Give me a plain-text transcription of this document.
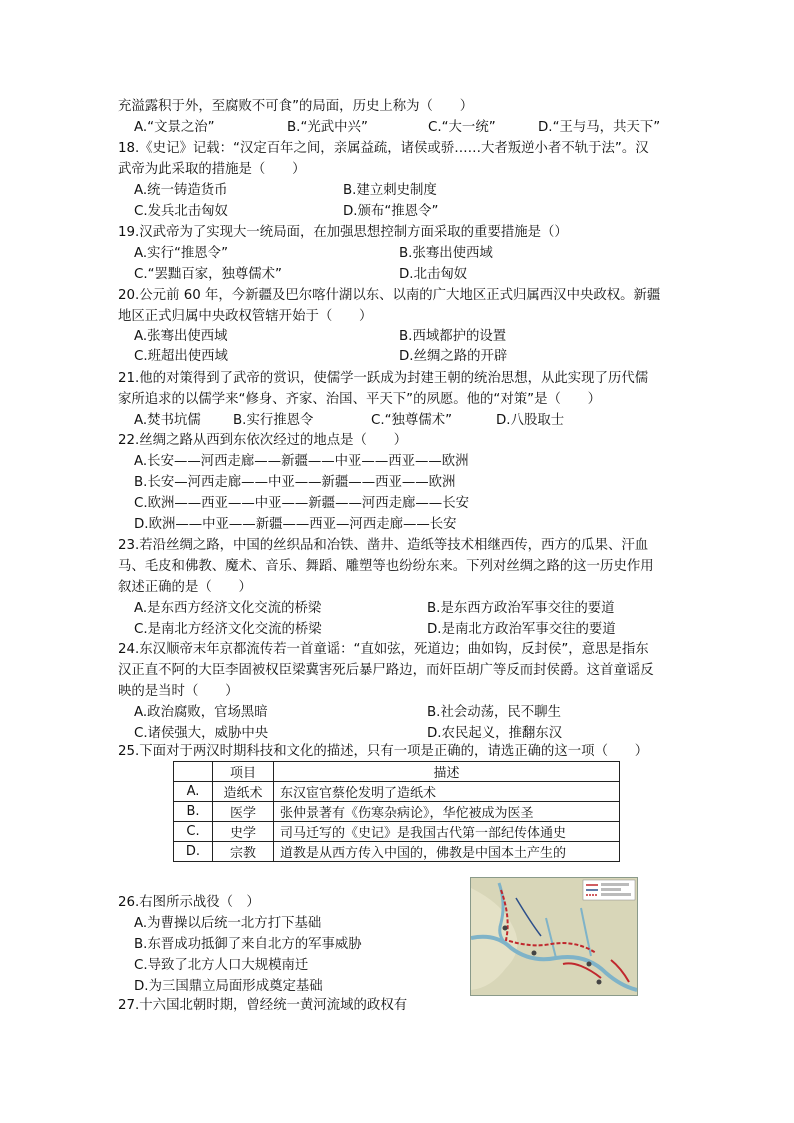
充溢露积于外，至腐败不可食”的局面，历史上称为（　　）
A.“文景之治”	B.“光武中兴”	C.“大一统”	D.“王与马，共天下”
18.《史记》记载：“汉定百年之间，亲属益疏，诸侯或骄……大者叛逆小者不轨于法”。汉
武帝为此采取的措施是（　　）
A.统一铸造货币	B.建立刺史制度
C.发兵北击匈奴	D.颁布“推恩令”
19.汉武帝为了实现大一统局面，在加强思想控制方面采取的重要措施是（）
A.实行“推恩令”	B.张骞出使西域
C.“罢黜百家，独尊儒术”	D.北击匈奴
20.公元前 60 年，今新疆及巴尔喀什湖以东、以南的广大地区正式归属西汉中央政权。新疆
地区正式归属中央政权管辖开始于（　　）
A.张骞出使西域	B.西域都护的设置
C.班超出使西域	D.丝绸之路的开辟
21.他的对策得到了武帝的赏识，使儒学一跃成为封建王朝的统治思想，从此实现了历代儒
家所追求的以儒学来“修身、齐家、治国、平天下”的夙愿。他的“对策”是（　　）
A.焚书坑儒 B.实行推恩令	C.“独尊儒术”	D.八股取士
22.丝绸之路从西到东依次经过的地点是（　　）
A.长安——河西走廊——新疆——中亚——西亚——欧洲
B.长安—河西走廊——中亚——新疆——西亚——欧洲
C.欧洲——西亚——中亚——新疆——河西走廊——长安
D.欧洲——中亚——新疆——西亚—河西走廊——长安
23.若沿丝绸之路，中国的丝织品和冶铁、凿井、造纸等技术相继西传，西方的瓜果、汗血
马、毛皮和佛教、魔术、音乐、舞蹈、雕塑等也纷纷东来。下列对丝绸之路的这一历史作用
叙述正确的是（　　）
A.是东西方经济文化交流的桥梁	B.是东西方政治军事交往的要道
C.是南北方经济文化交流的桥梁	D.是南北方政治军事交往的要道
24.东汉顺帝末年京都流传若一首童谣：“直如弦，死道边；曲如钩，反封侯”，意思是指东
汉正直不阿的大臣李固被权臣梁冀害死后暴尸路边，而奸臣胡广等反而封侯爵。这首童谣反
映的是当时（　　）
A.政治腐败，官场黑暗	B.社会动荡，民不聊生
C.诸侯强大，威胁中央	D.农民起义，推翻东汉
25.下面对于两汉时期科技和文化的描述，只有一项是正确的，请选正确的这一项（　　）
	项目	描述
A.	造纸术	东汉宦官蔡伦发明了造纸术
B.	医学	张仲景著有《伤寒杂病论》，华佗被成为医圣
C.	史学	司马迁写的《史记》是我国古代第一部纪传体通史
D.	宗教	道教是从西方传入中国的，佛教是中国本土产生的
26.右图所示战役（　）
A.为曹操以后统一北方打下基础
B.东晋成功抵御了来自北方的军事威胁
C.导致了北方人口大规模南迁
D.为三国鼎立局面形成奠定基础
27.十六国北朝时期，曾经统一黄河流域的政权有
